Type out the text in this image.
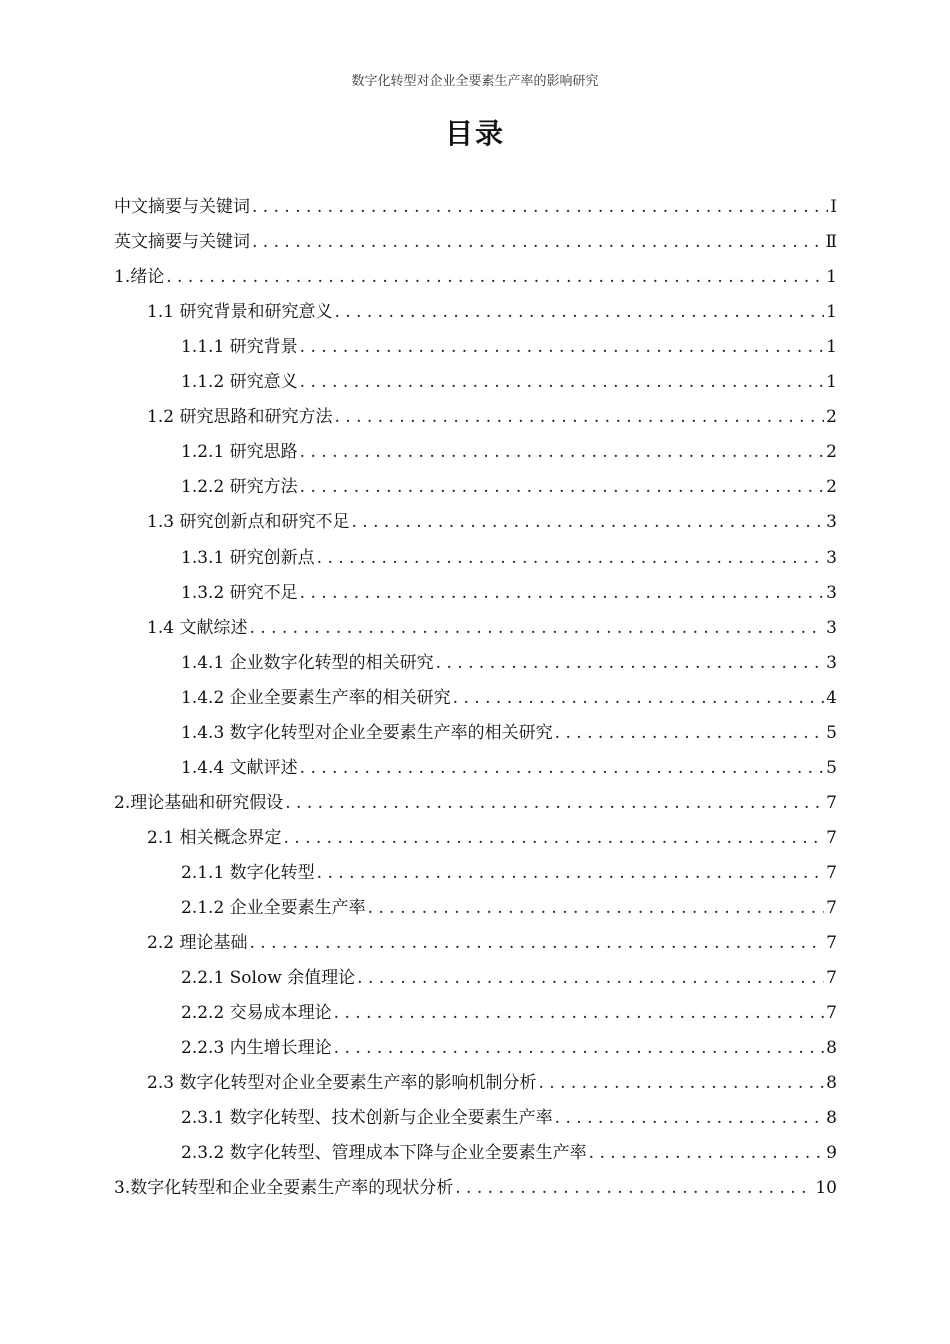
数字化转型对企业全要素生产率的影响研究
目录
中文摘要与关键词 . . .	Ⅰ
英文摘要与关键词 . . .	Ⅱ
1.绪论 . . .	1
1.1 研究背景和研究意义 . . .	1
1.1.1 研究背景 . . .	1
1.1.2 研究意义 . . .	1
1.2 研究思路和研究方法 . . .	2
1.2.1 研究思路 . . .	2
1.2.2 研究方法 . . .	2
1.3 研究创新点和研究不足 . . .	3
1.3.1 研究创新点 . . .	3
1.3.2 研究不足 . . .	3
1.4 文献综述 . . .	3
1.4.1 企业数字化转型的相关研究 . . .	3
1.4.2 企业全要素生产率的相关研究 . . .	4
1.4.3 数字化转型对企业全要素生产率的相关研究 . . .	5
1.4.4 文献评述 . . .	5
2.理论基础和研究假设 . . .	7
2.1 相关概念界定 . . .	7
2.1.1 数字化转型 . . .	7
2.1.2 企业全要素生产率 . . .	7
2.2 理论基础 . . .	7
2.2.1 Solow 余值理论 . . .	7
2.2.2 交易成本理论 . . .	7
2.2.3 内生增长理论 . . .	8
2.3 数字化转型对企业全要素生产率的影响机制分析 . . .	8
2.3.1 数字化转型、技术创新与企业全要素生产率 . . .	8
2.3.2 数字化转型、管理成本下降与企业全要素生产率 . . .	9
3.数字化转型和企业全要素生产率的现状分析 . . .	10
